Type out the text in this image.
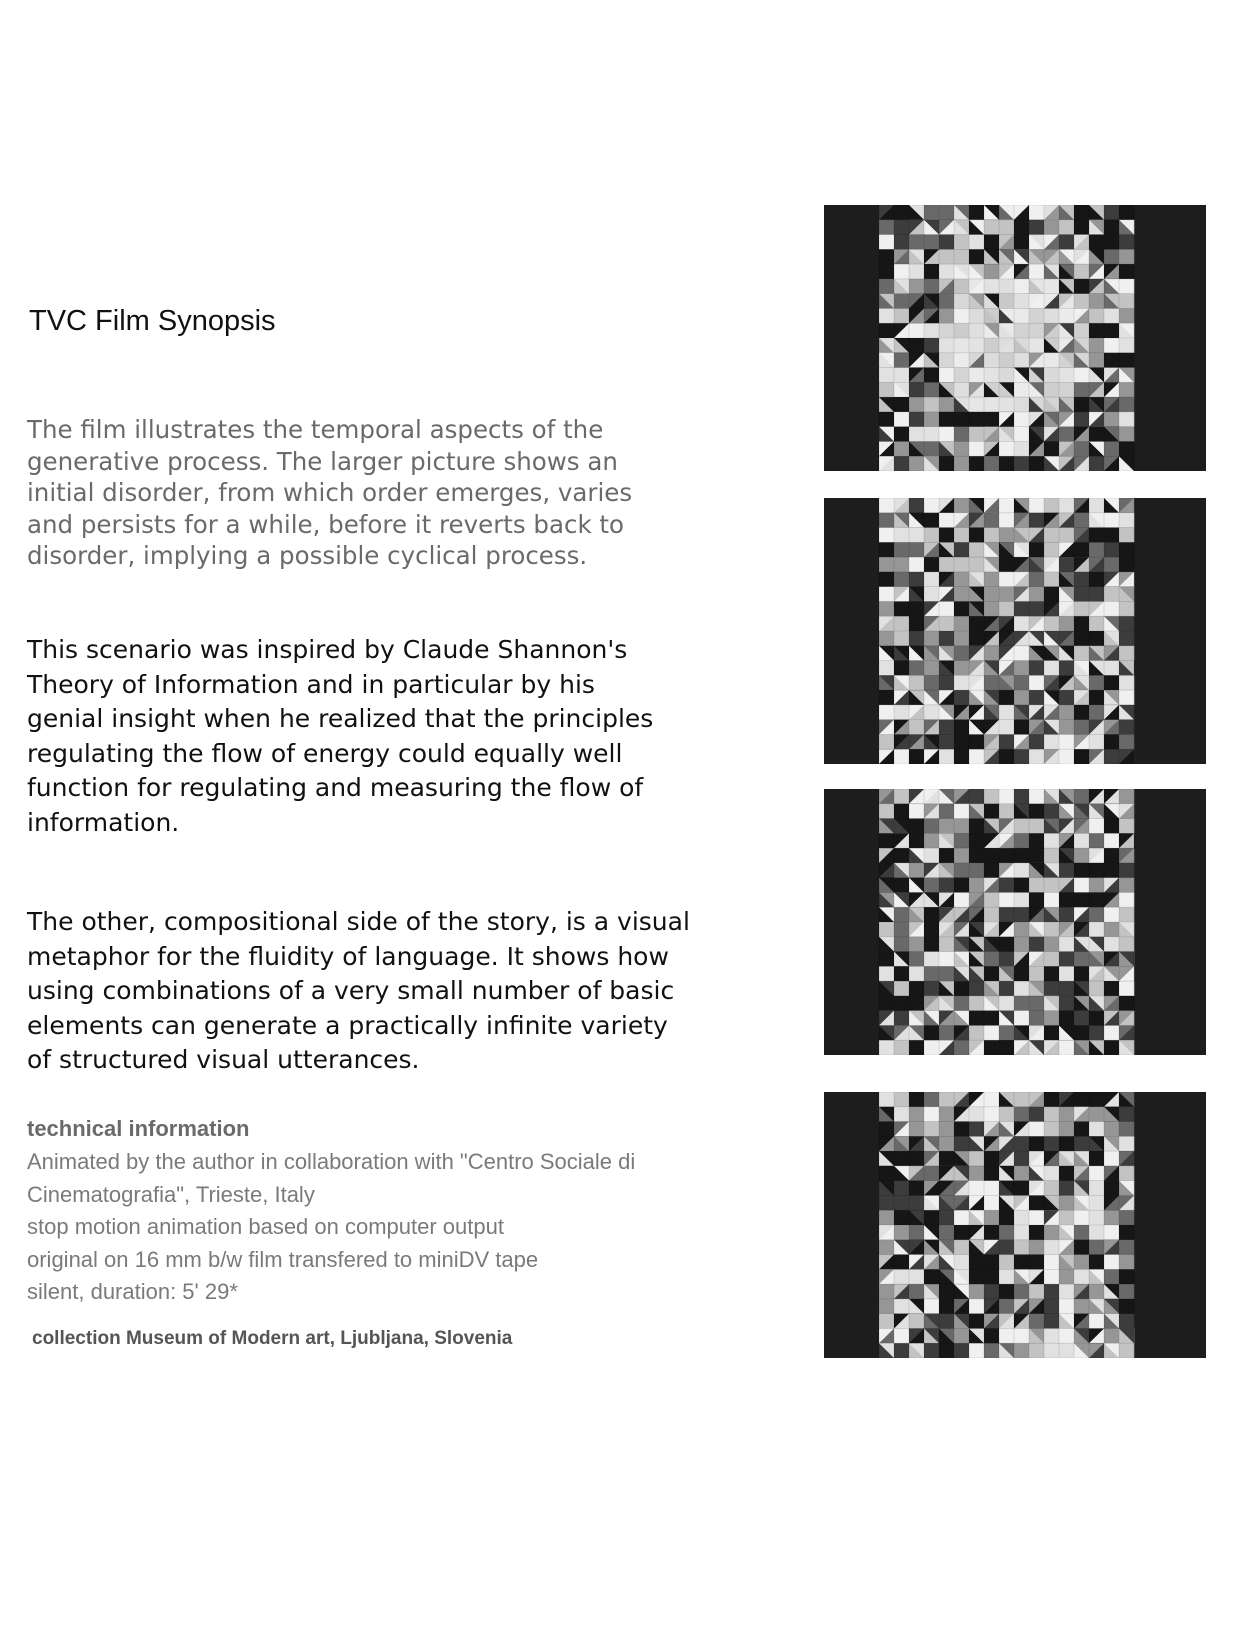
TVC Film Synopsis

The film illustrates the temporal aspects of the
generative process. The larger picture shows an
initial disorder, from which order emerges, varies
and persists for a while, before it reverts back to
disorder, implying a possible cyclical process.

This scenario was inspired by Claude Shannon's
Theory of Information and in particular by his
genial insight when he realized that the principles
regulating the flow of energy could equally well
function for regulating and measuring the flow of
information.

The other, compositional side of the story, is a visual
metaphor for the fluidity of language. It shows how
using combinations of a very small number of basic
elements can generate a practically infinite variety
of structured visual utterances.

technical information
Animated by the author in collaboration with "Centro Sociale di
Cinematografia", Trieste, Italy
stop motion animation based on computer output
original on 16 mm b/w film transfered to miniDV tape
silent, duration: 5' 29*

collection Museum of Modern art, Ljubljana, Slovenia
